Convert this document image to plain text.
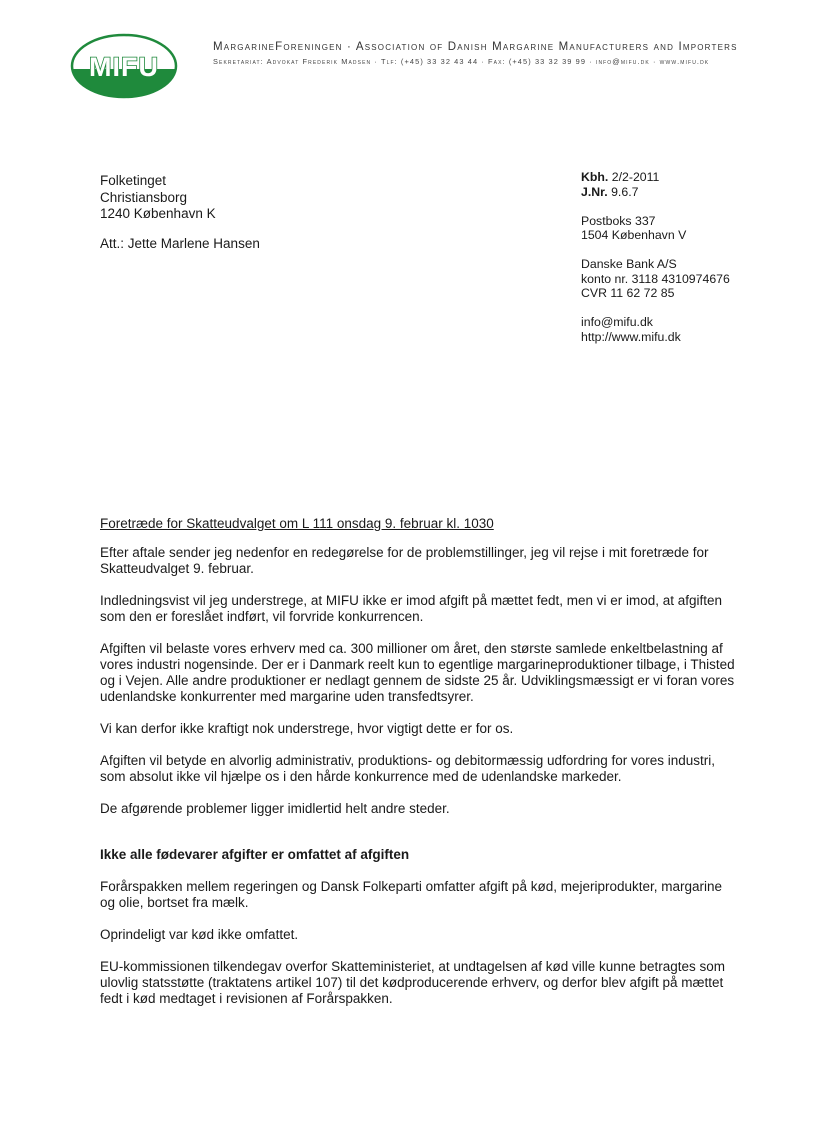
MIFU
MargarineForeningen · Association of Danish Margarine Manufacturers and Importers
Sekretariat: Advokat Frederik Madsen · Tlf: (+45) 33 32 43 44 · Fax: (+45) 33 32 39 99 · info@mifu.dk · www.mifu.dk
Folketinget
Christiansborg
1240 København K
Att.: Jette Marlene Hansen
Kbh. 2/2-2011
J.Nr. 9.6.7
Postboks 337
1504 København V
Danske Bank A/S
konto nr. 3118 4310974676
CVR 11 62 72 85
info@mifu.dk
http://www.mifu.dk
Foretræde for Skatteudvalget om L 111 onsdag 9. februar kl. 1030

Efter aftale sender jeg nedenfor en redegørelse for de problemstillinger, jeg vil rejse i mit foretræde for Skatteudvalget 9. februar.

Indledningsvist vil jeg understrege, at MIFU ikke er imod afgift på mættet fedt, men vi er imod, at afgiften som den er foreslået indført, vil forvride konkurrencen.

Afgiften vil belaste vores erhverv med ca. 300 millioner om året, den største samlede enkeltbelastning af vores industri nogensinde. Der er i Danmark reelt kun to egentlige margarineproduktioner tilbage, i Thisted og i Vejen. Alle andre produktioner er nedlagt gennem de sidste 25 år. Udviklingsmæssigt er vi foran vores udenlandske konkurrenter med margarine uden transfedtsyrer.

Vi kan derfor ikke kraftigt nok understrege, hvor vigtigt dette er for os.

Afgiften vil betyde en alvorlig administrativ, produktions- og debitormæssig udfordring for vores industri, som absolut ikke vil hjælpe os i den hårde konkurrence med de udenlandske markeder.

De afgørende problemer ligger imidlertid helt andre steder.

Ikke alle fødevarer afgifter er omfattet af afgiften

Forårspakken mellem regeringen og Dansk Folkeparti omfatter afgift på kød, mejeriprodukter, margarine og olie, bortset fra mælk.

Oprindeligt var kød ikke omfattet.

EU-kommissionen tilkendegav overfor Skatteministeriet, at undtagelsen af kød ville kunne betragtes som ulovlig statsstøtte (traktatens artikel 107) til det kødproducerende erhverv, og derfor blev afgift på mættet fedt i kød medtaget i revisionen af Forårspakken.
